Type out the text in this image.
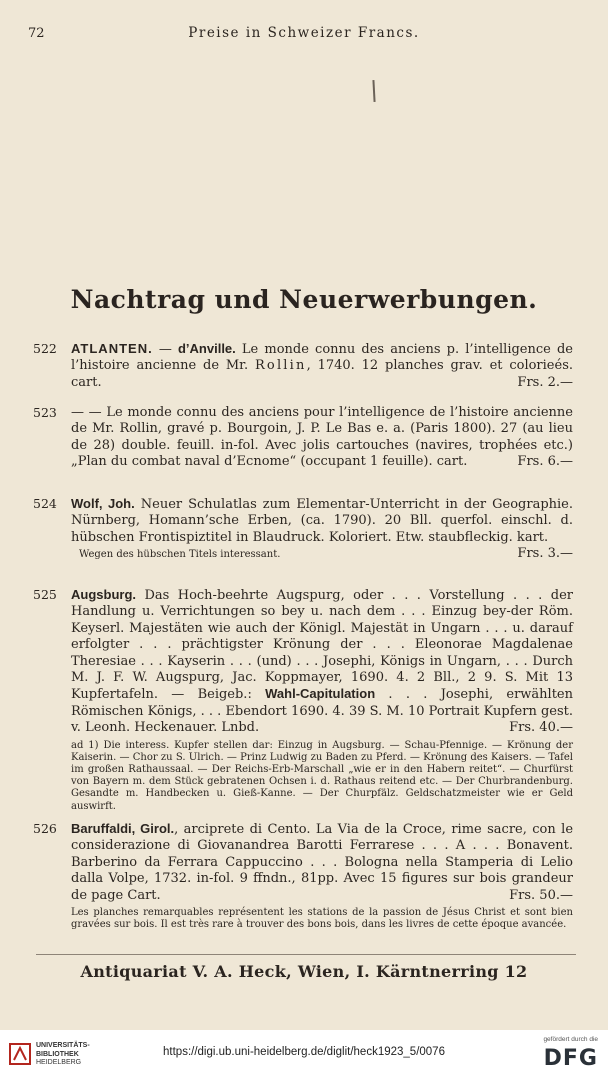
72	Preise in Schweizer Francs.
Nachtrag und Neuerwerbungen.
522 ATLANTEN. — d’Anville. Le monde connu des anciens p. l’intelligence de l’histoire ancienne de Mr. Rollin, 1740. 12 planches grav. et colorieés. cart.	Frs. 2.—
523 — — Le monde connu des anciens pour l’intelligence de l’histoire ancienne de Mr. Rollin, gravé p. Bourgoin, J. P. Le Bas e. a. (Paris 1800). 27 (au lieu de 28) double. feuill. in-fol. Avec jolis cartouches (navires, trophées etc.) „Plan du combat naval d’Ecnome“ (occupant 1 feuille). cart.	Frs. 6.—
524 Wolf, Joh. Neuer Schulatlas zum Elementar-Unterricht in der Geographie. Nürnberg, Homann’sche Erben, (ca. 1790). 20 Bll. querfol. einschl. d. hübschen Frontispiztitel in Blaudruck. Koloriert. Etw. staubfleckig. kart.
Frs. 3.—
Wegen des hübschen Titels interessant.
525 Augsburg. Das Hoch-beehrte Augspurg, oder . . . Vorstellung . . . der Handlung u. Verrichtungen so bey u. nach dem . . . Einzug bey-der Röm. Keyserl. Majestäten wie auch der Königl. Majestät in Ungarn . . . u. darauf erfolgter . . . prächtigster Krönung der . . . Eleonorae Magdalenae Theresiae . . . Kayserin . . . (und) . . . Josephi, Königs in Ungarn, . . . Durch M. J. F. W. Augspurg, Jac. Koppmayer, 1690. 4. 2 Bll., 2 9. S. Mit 13 Kupfertafeln. — Beigeb.: Wahl-Capitulation . . . Josephi, erwählten Römischen Königs, . . . Ebendort 1690. 4. 39 S. M. 10 Portrait Kupfern gest. v. Leonh. Heckenauer. Lnbd.	Frs. 40.—
ad 1) Die interess. Kupfer stellen dar: Einzug in Augsburg. — Schau-Pfennige. — Krönung der Kaiserin. — Chor zu S. Ulrich. — Prinz Ludwig zu Baden zu Pferd. — Krönung des Kaisers. — Tafel im großen Rathaussaal. — Der Reichs-Erb-Marschall „wie er in den Habern reitet“. — Churfürst von Bayern m. dem Stück gebratenen Ochsen i. d. Rathaus reitend etc. — Der Churbrandenburg. Gesandte m. Handbecken u. Gieß-Kanne. — Der Churpfälz. Geldschatzmeister wie er Geld auswirft.
526 Baruffaldi, Girol., arciprete di Cento. La Via de la Croce, rime sacre, con le considerazione di Giovanandrea Barotti Ferrarese . . . A . . . Bonavent. Barberino da Ferrara Cappuccino . . . Bologna nella Stamperia di Lelio dalla Volpe, 1732. in-fol. 9 ffndn., 81pp. Avec 15 figures sur bois grandeur de page Cart.	Frs. 50.—
Les planches remarquables représentent les stations de la passion de Jésus Christ et sont bien gravées sur bois. Il est très rare à trouver des bons bois, dans les livres de cette époque avancée.
Antiquariat V. A. Heck, Wien, I. Kärntnerring 12
UNIVERSITÄTS-
BIBLIOTHEK
HEIDELBERG
https://digi.ub.uni-heidelberg.de/diglit/heck1923_5/0076
gefördert durch die
DFG
